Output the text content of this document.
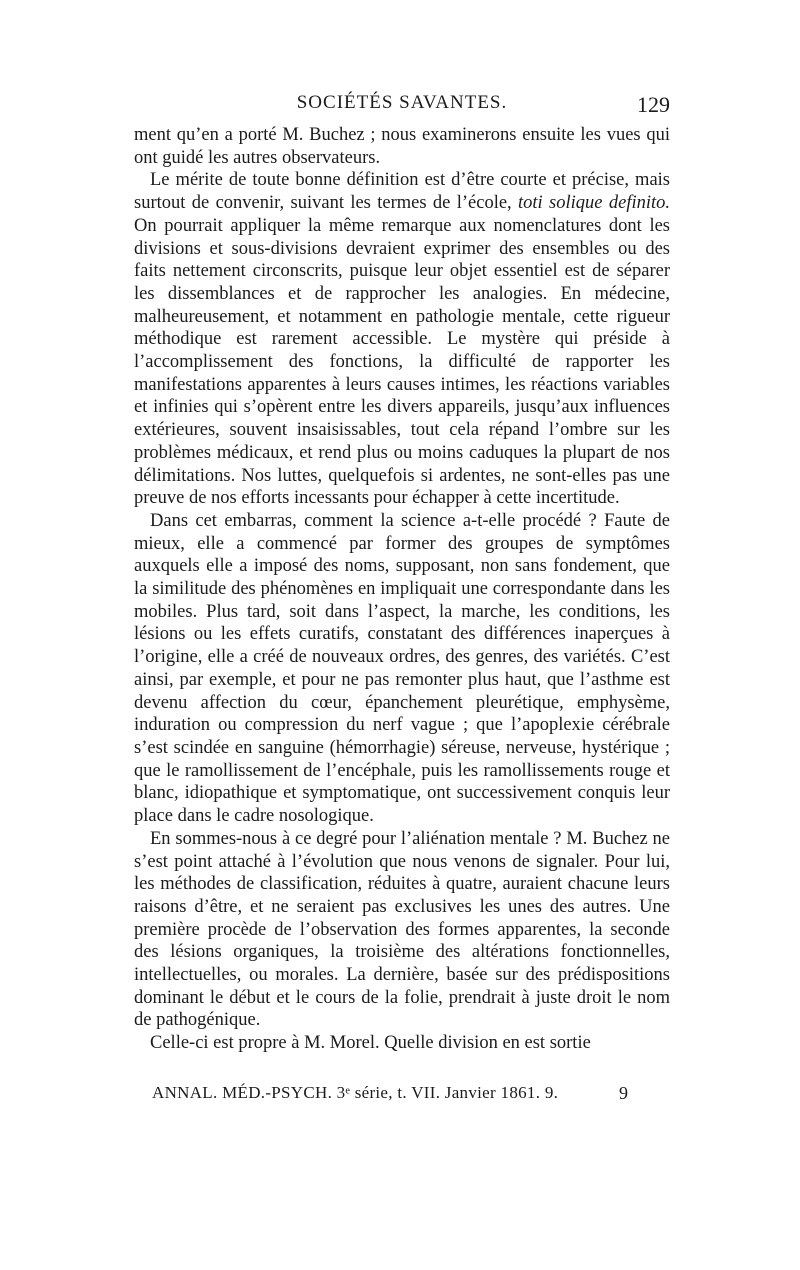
SOCIÉTÉS SAVANTES.	129

ment qu’en a porté M. Buchez ; nous examinerons ensuite les vues qui ont guidé les autres observateurs.

Le mérite de toute bonne définition est d’être courte et précise, mais surtout de convenir, suivant les termes de l’école, toti solique definito. On pourrait appliquer la même remarque aux nomenclatures dont les divisions et sous-divisions devraient exprimer des ensembles ou des faits nettement circonscrits, puisque leur objet essentiel est de séparer les dissemblances et de rapprocher les analogies. En médecine, malheureusement, et notamment en pathologie mentale, cette rigueur méthodique est rarement accessible. Le mystère qui préside à l’accomplissement des fonctions, la difficulté de rapporter les manifestations apparentes à leurs causes intimes, les réactions variables et infinies qui s’opèrent entre les divers appareils, jusqu’aux influences extérieures, souvent insaisissables, tout cela répand l’ombre sur les problèmes médicaux, et rend plus ou moins caduques la plupart de nos délimitations. Nos luttes, quelquefois si ardentes, ne sont-elles pas une preuve de nos efforts incessants pour échapper à cette incertitude.

Dans cet embarras, comment la science a-t-elle procédé ? Faute de mieux, elle a commencé par former des groupes de symptômes auxquels elle a imposé des noms, supposant, non sans fondement, que la similitude des phénomènes en impliquait une correspondante dans les mobiles. Plus tard, soit dans l’aspect, la marche, les conditions, les lésions ou les effets curatifs, constatant des différences inaperçues à l’origine, elle a créé de nouveaux ordres, des genres, des variétés. C’est ainsi, par exemple, et pour ne pas remonter plus haut, que l’asthme est devenu affection du cœur, épanchement pleurétique, emphysème, induration ou compression du nerf vague ; que l’apoplexie cérébrale s’est scindée en sanguine (hémorrhagie) séreuse, nerveuse, hystérique ; que le ramollissement de l’encéphale, puis les ramollissements rouge et blanc, idiopathique et symptomatique, ont successivement conquis leur place dans le cadre nosologique.

En sommes-nous à ce degré pour l’aliénation mentale ? M. Buchez ne s’est point attaché à l’évolution que nous venons de signaler. Pour lui, les méthodes de classification, réduites à quatre, auraient chacune leurs raisons d’être, et ne seraient pas exclusives les unes des autres. Une première procède de l’observation des formes apparentes, la seconde des lésions organiques, la troisième des altérations fonctionnelles, intellectuelles, ou morales. La dernière, basée sur des prédispositions dominant le début et le cours de la folie, prendrait à juste droit le nom de pathogénique.

Celle-ci est propre à M. Morel. Quelle division en est sortie

ANNAL. MÉD.-PSYCH. 3ᵉ série, t. VII. Janvier 1861. 9.	9
